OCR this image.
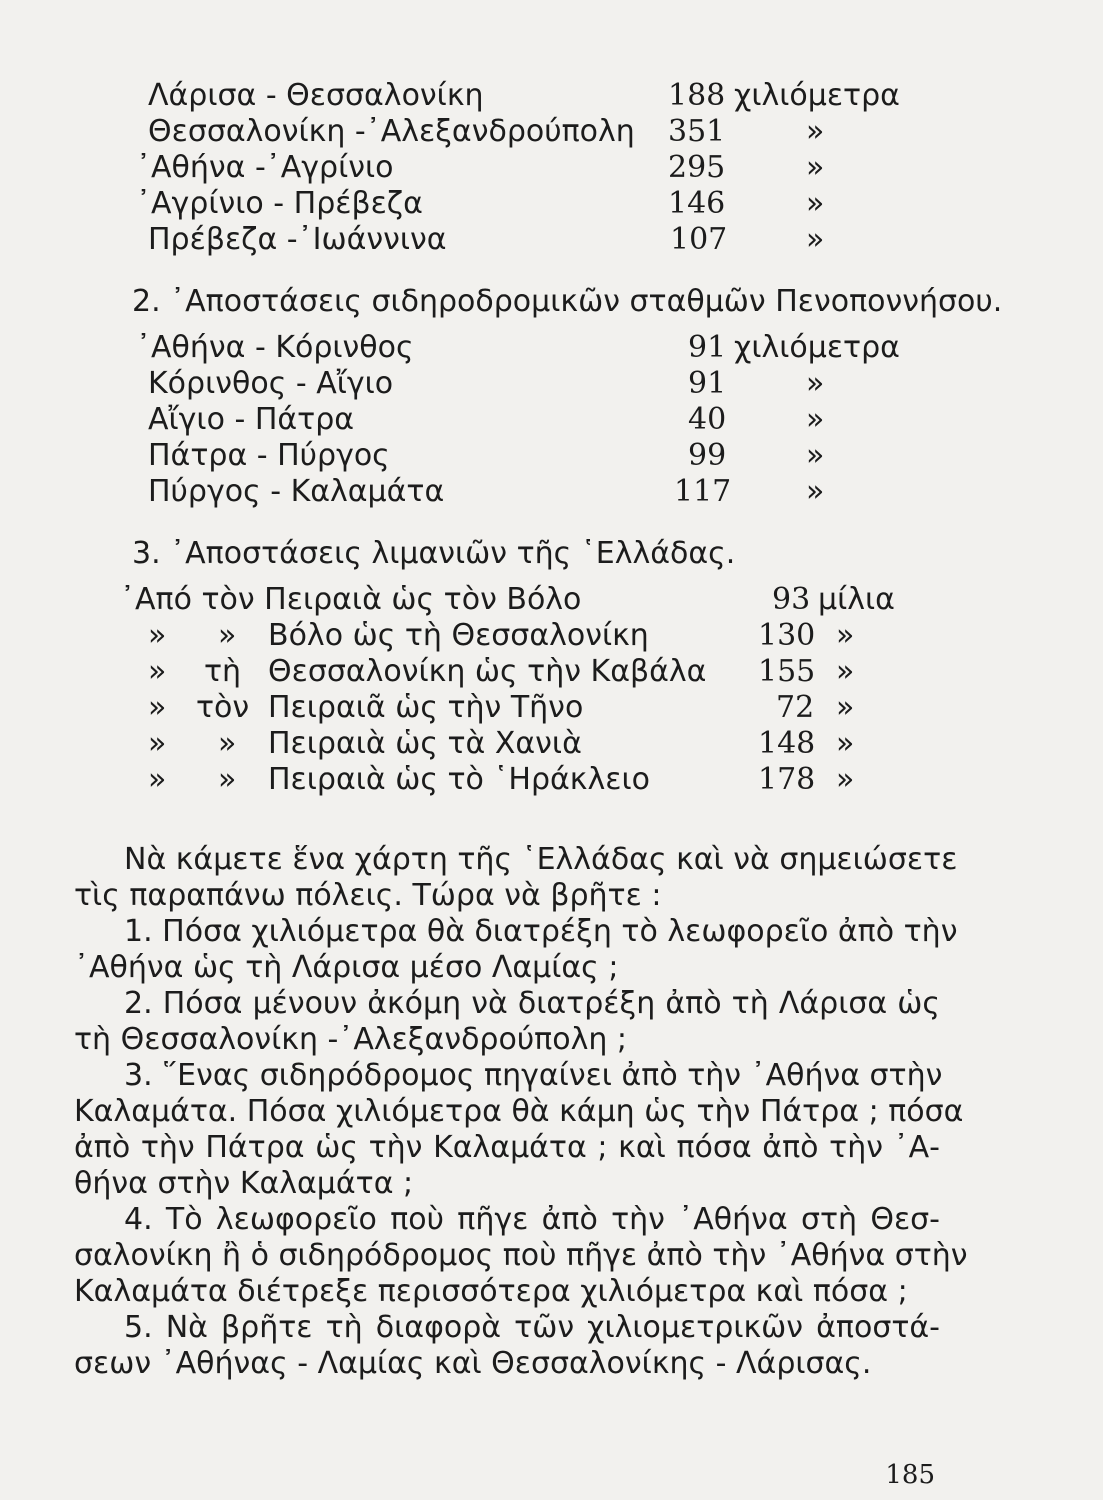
Λάρισα - Θεσσαλονίκη	188 χιλιόμετρα
Θεσσαλονίκη -᾿Αλεξανδρούπολη 351	»
᾿Αθήνα -᾿Αγρίνιο	295	»
᾿Αγρίνιο - Πρέβεζα	146	»
Πρέβεζα -᾿Ιωάννινα	107	»
2. ᾿Αποστάσεις σιδηροδρομικῶν σταθμῶν Πενοποννήσου.
᾿Αθήνα - Κόρινθος	91 χιλιόμετρα
Κόρινθος - Αἴγιο	91	»
Αἴγιο - Πάτρα	40	»
Πάτρα - Πύργος	99	»
Πύργος - Καλαμάτα	117 »
3. ᾿Αποστάσεις λιμανιῶν τῆς ῾Ελλάδας.
᾿Από τὸν Πειραιὰ ὡς τὸν Βόλο	93 μίλια
» » Βόλο ὡς τὴ Θεσσαλονίκη	130 »
» τὴ Θεσσαλονίκη ὡς τὴν Καβάλα 155 »
» τὸν Πειραιᾶ ὡς τὴν Τῆνο	72 »
» » Πειραιὰ ὡς τὰ Χανιὰ	148 »
» » Πειραιὰ ὡς τὸ ῾Ηράκλειο	178 »
Νὰ κάμετε ἕνα χάρτη τῆς ῾Ελλάδας καὶ νὰ σημειώσετε
τὶς παραπάνω πόλεις. Τώρα νὰ βρῆτε :
1. Πόσα χιλιόμετρα θὰ διατρέξη τὸ λεωφορεῖο ἀπὸ τὴν
᾿Αθήνα ὡς τὴ Λάρισα μέσο Λαμίας ;
2. Πόσα μένουν ἀκόμη νὰ διατρέξη ἀπὸ τὴ Λάρισα ὡς
τὴ Θεσσαλονίκη -᾿Αλεξανδρούπολη ;
3. ῞Ενας σιδηρόδρομος πηγαίνει ἀπὸ τὴν ᾿Αθήνα στὴν
Καλαμάτα. Πόσα χιλιόμετρα θὰ κάμη ὡς τὴν Πάτρα ; πόσα
ἀπὸ τὴν Πάτρα ὡς τὴν Καλαμάτα ; καὶ πόσα ἀπὸ τὴν ᾿Α-
θήνα στὴν Καλαμάτα ;
4. Τὸ λεωφορεῖο ποὺ πῆγε ἀπὸ τὴν ᾿Αθήνα στὴ Θεσ-
σαλονίκη ἢ ὁ σιδηρόδρομος ποὺ πῆγε ἀπὸ τὴν ᾿Αθήνα στὴν
Καλαμάτα διέτρεξε περισσότερα χιλιόμετρα καὶ πόσα ;
5. Νὰ βρῆτε τὴ διαφορὰ τῶν χιλιομετρικῶν ἀποστά-
σεων ᾿Αθήνας - Λαμίας καὶ Θεσσαλονίκης - Λάρισας.
185
